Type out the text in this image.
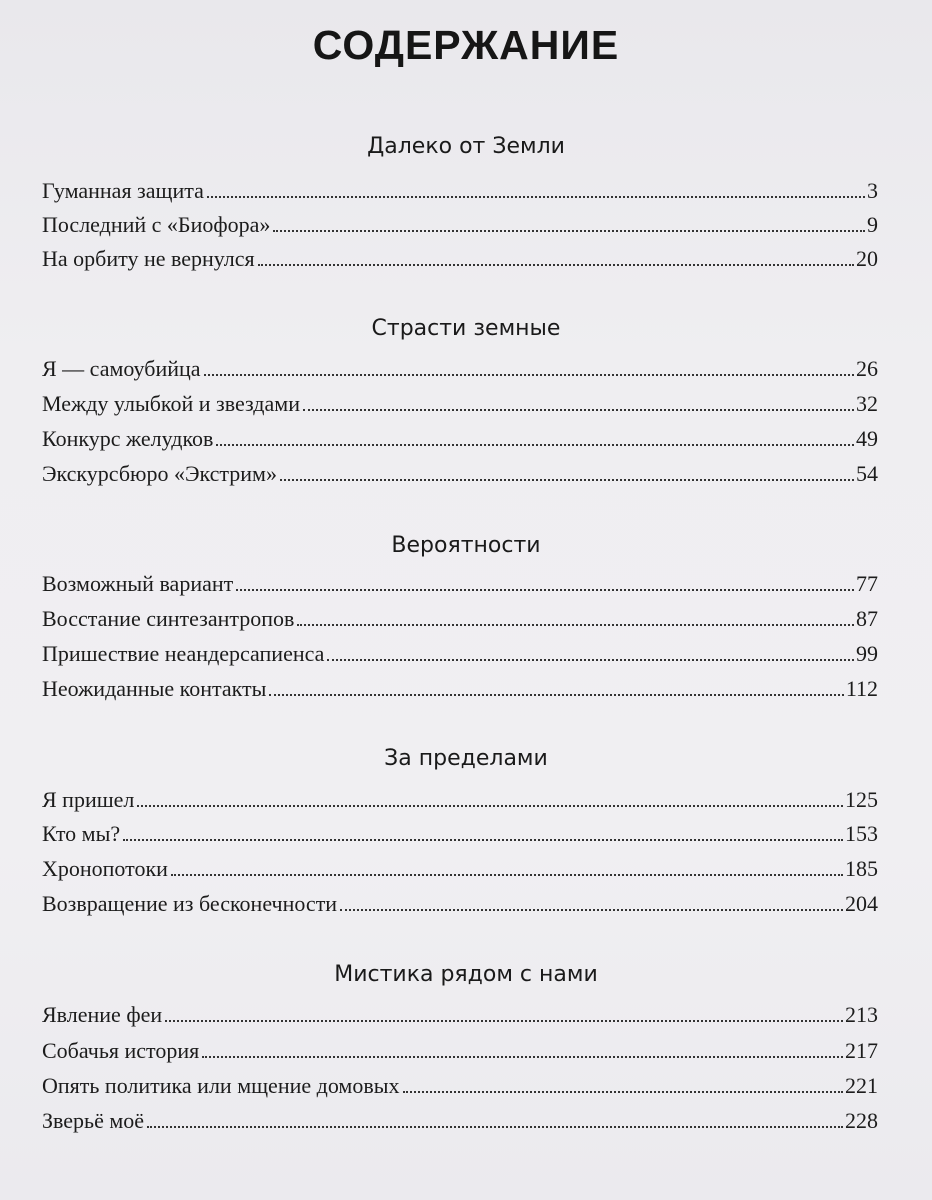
СОДЕРЖАНИЕ
Далеко от Земли
Гуманная защита	3
Последний с «Биофора»	9
На орбиту не вернулся	20
Страсти земные
Я — самоубийца	26
Между улыбкой и звездами	32
Конкурс желудков	49
Экскурсбюро «Экстрим»	54
Вероятности
Возможный вариант	77
Восстание синтезантропов	87
Пришествие неандерсапиенса	99
Неожиданные контакты	112
За пределами
Я пришел	125
Кто мы?	153
Хронопотоки	185
Возвращение из бесконечности	204
Мистика рядом с нами
Явление феи	213
Собачья история	217
Опять политика или мщение домовых	221
Зверьё моё	228
